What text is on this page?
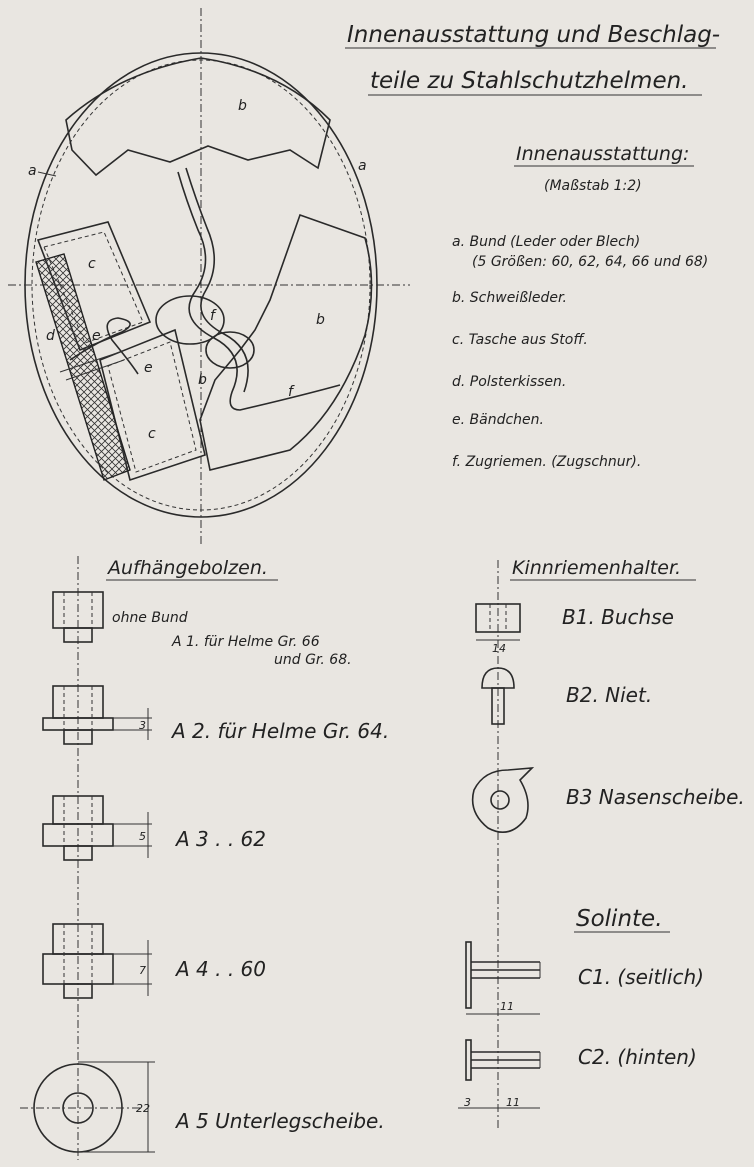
Innenausstattung und Beschlag-
teile zu Stahlschutzhelmen.
a	a
b
b
b
c
c
d	e
e
f
f
Innenausstattung:
(Maßstab 1:2)
a. Bund (Leder oder Blech)
(5 Größen: 60, 62, 64, 66 und 68)
b. Schweißleder.
c. Tasche aus Stoff.
d. Polsterkissen.
e. Bändchen.
f. Zugriemen. (Zugschnur).
Aufhängebolzen.
ohne Bund
A 1. für Helme Gr. 66
und Gr. 68.
3 A 2. für Helme Gr. 64.
5 A 3 . . 62
7 A 4 . . 60
22
A 5 Unterlegscheibe.
Kinnriemenhalter.
14
B1. Buchse
B2. Niet.
B3 Nasenscheibe.
Solinte.
11
C1. (seitlich)
3	11
C2. (hinten)
